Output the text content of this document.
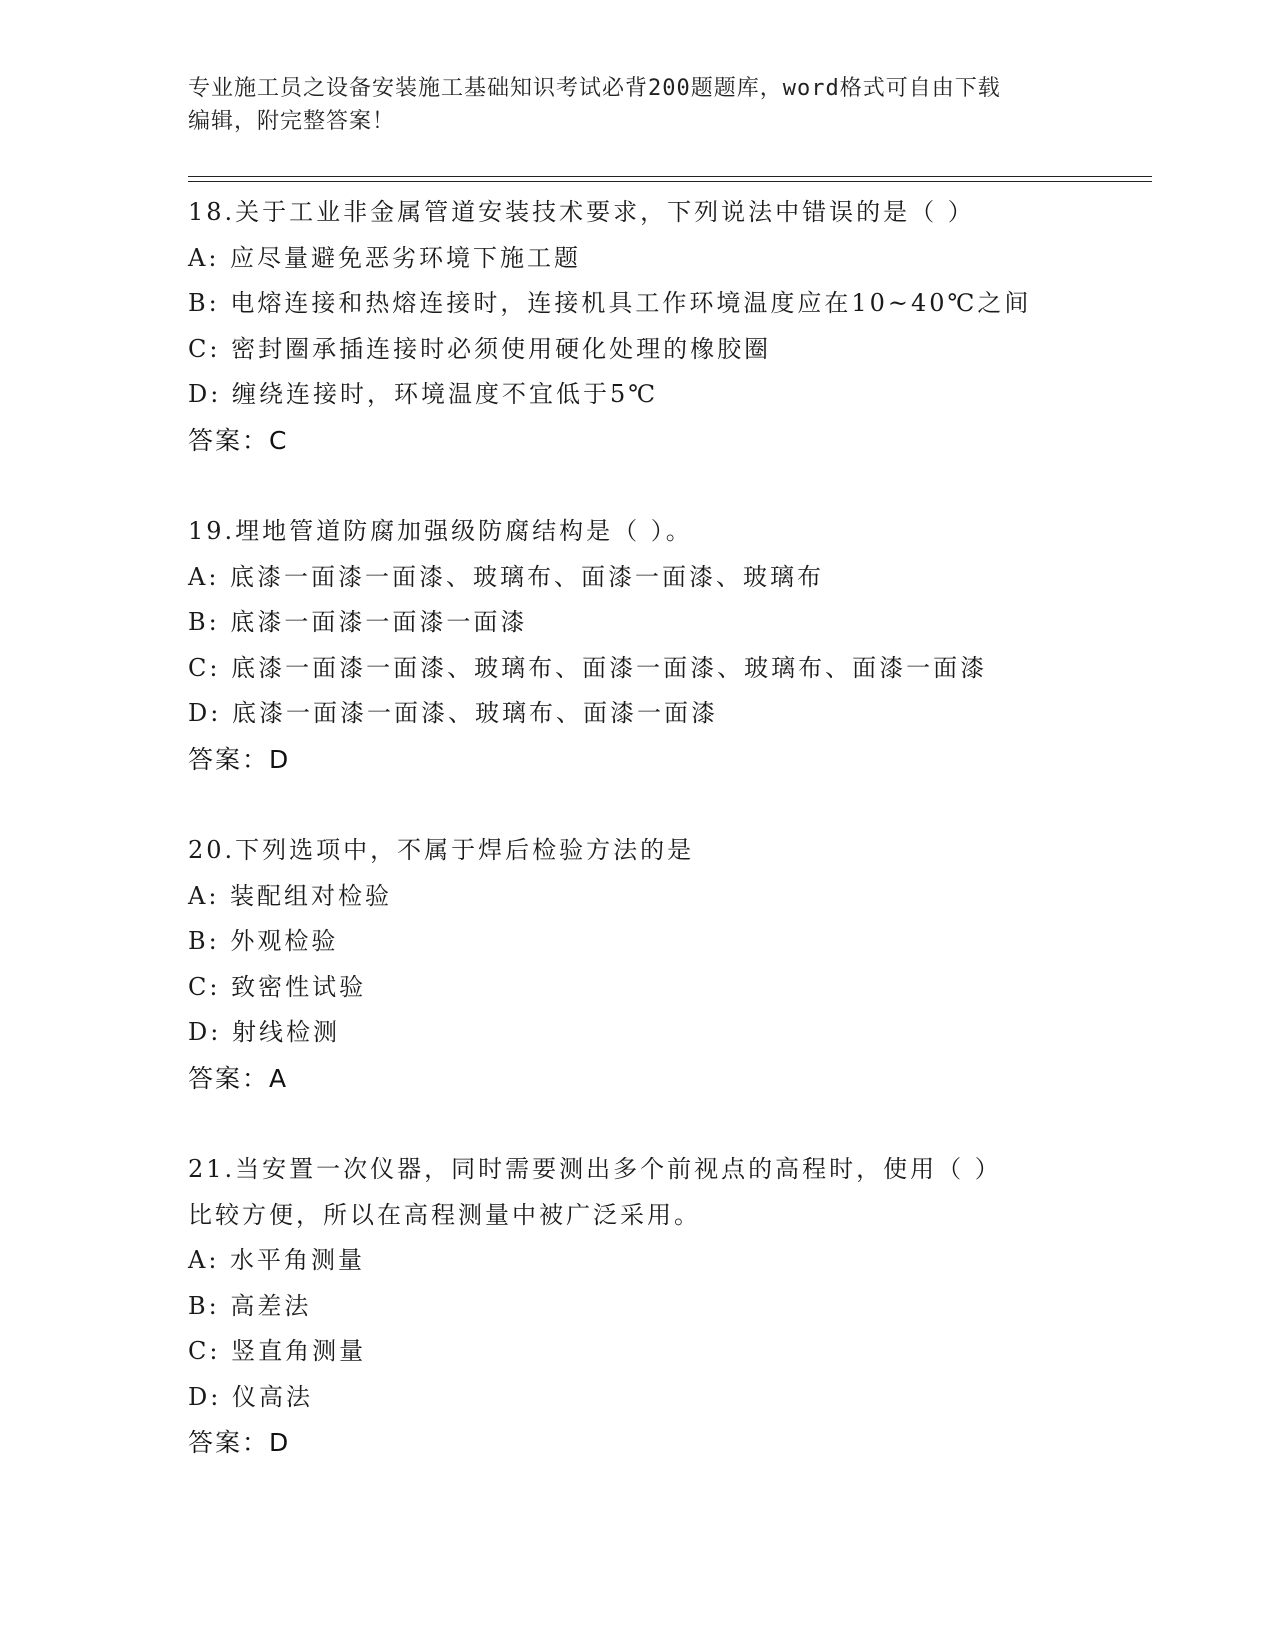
专业施工员之设备安装施工基础知识考试必背200题题库，word格式可自由下载
编辑，附完整答案！
18.关于工业非金属管道安装技术要求，下列说法中错误的是（ ）
A: 应尽量避免恶劣环境下施工题
B: 电熔连接和热熔连接时，连接机具工作环境温度应在10~40℃之间
C: 密封圈承插连接时必须使用硬化处理的橡胶圈
D: 缠绕连接时，环境温度不宜低于5℃
答案：C
19.埋地管道防腐加强级防腐结构是（ ）。
A: 底漆一面漆一面漆、玻璃布、面漆一面漆、玻璃布
B: 底漆一面漆一面漆一面漆
C: 底漆一面漆一面漆、玻璃布、面漆一面漆、玻璃布、面漆一面漆
D: 底漆一面漆一面漆、玻璃布、面漆一面漆
答案：D
20.下列选项中，不属于焊后检验方法的是
A: 装配组对检验
B: 外观检验
C: 致密性试验
D: 射线检测
答案：A
21.当安置一次仪器，同时需要测出多个前视点的高程时，使用（ ）
比较方便，所以在高程测量中被广泛采用。
A: 水平角测量
B: 高差法
C: 竖直角测量
D: 仪高法
答案：D
